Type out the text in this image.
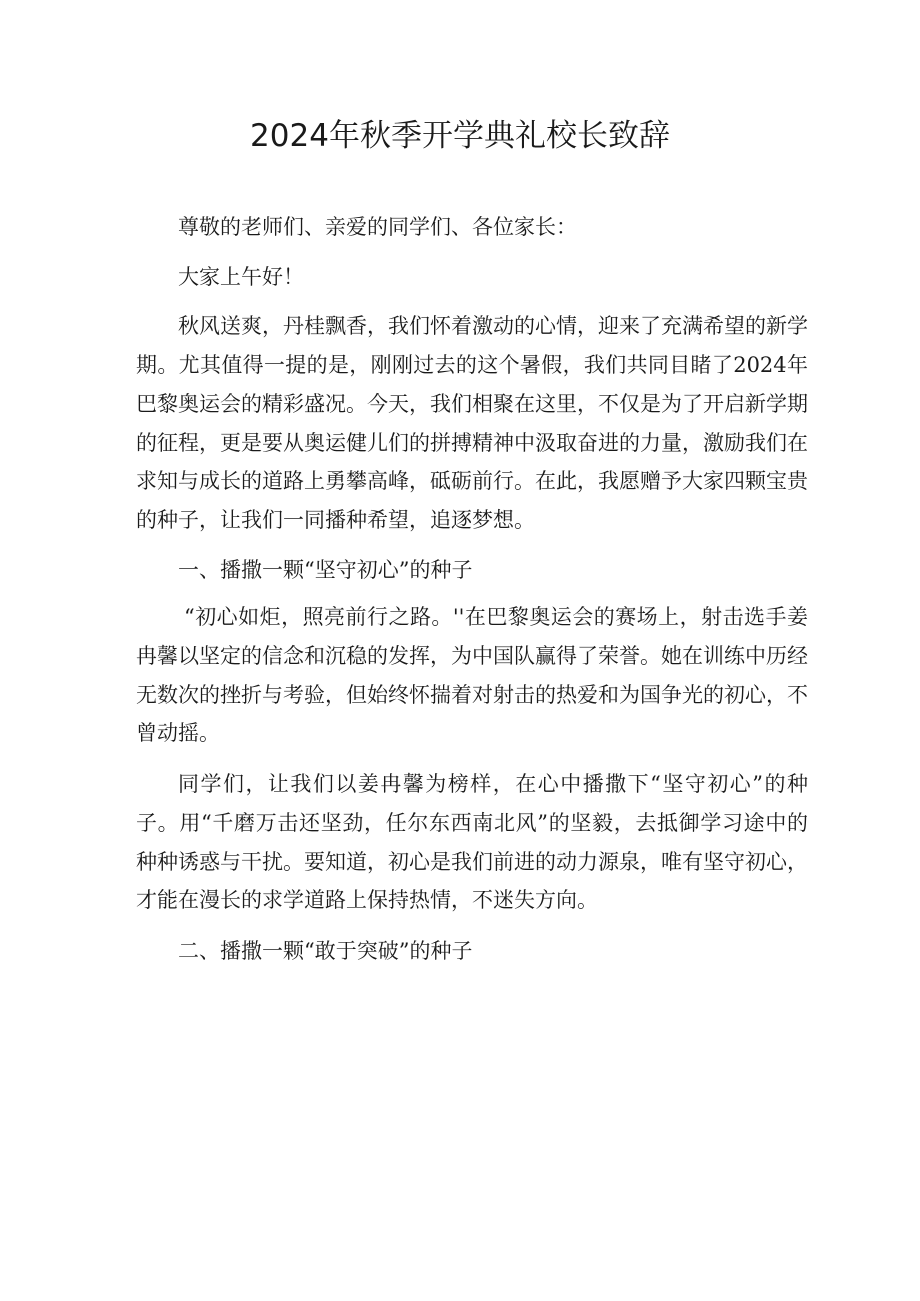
2024年秋季开学典礼校长致辞

尊敬的老师们、亲爱的同学们、各位家长：

大家上午好！

秋风送爽，丹桂飘香，我们怀着激动的心情，迎来了充满希望的新学期。尤其值得一提的是，刚刚过去的这个暑假，我们共同目睹了2024年巴黎奥运会的精彩盛况。今天，我们相聚在这里，不仅是为了开启新学期的征程，更是要从奥运健儿们的拼搏精神中汲取奋进的力量，激励我们在求知与成长的道路上勇攀高峰，砥砺前行。在此，我愿赠予大家四颗宝贵的种子，让我们一同播种希望，追逐梦想。

一、播撒一颗“坚守初心”的种子

“初心如炬，照亮前行之路。''在巴黎奥运会的赛场上，射击选手姜冉馨以坚定的信念和沉稳的发挥，为中国队赢得了荣誉。她在训练中历经无数次的挫折与考验，但始终怀揣着对射击的热爱和为国争光的初心，不曾动摇。

同学们，让我们以姜冉馨为榜样，在心中播撒下“坚守初心”的种子。用“千磨万击还坚劲，任尔东西南北风”的坚毅，去抵御学习途中的种种诱惑与干扰。要知道，初心是我们前进的动力源泉，唯有坚守初心，才能在漫长的求学道路上保持热情，不迷失方向。

二、播撒一颗“敢于突破”的种子
